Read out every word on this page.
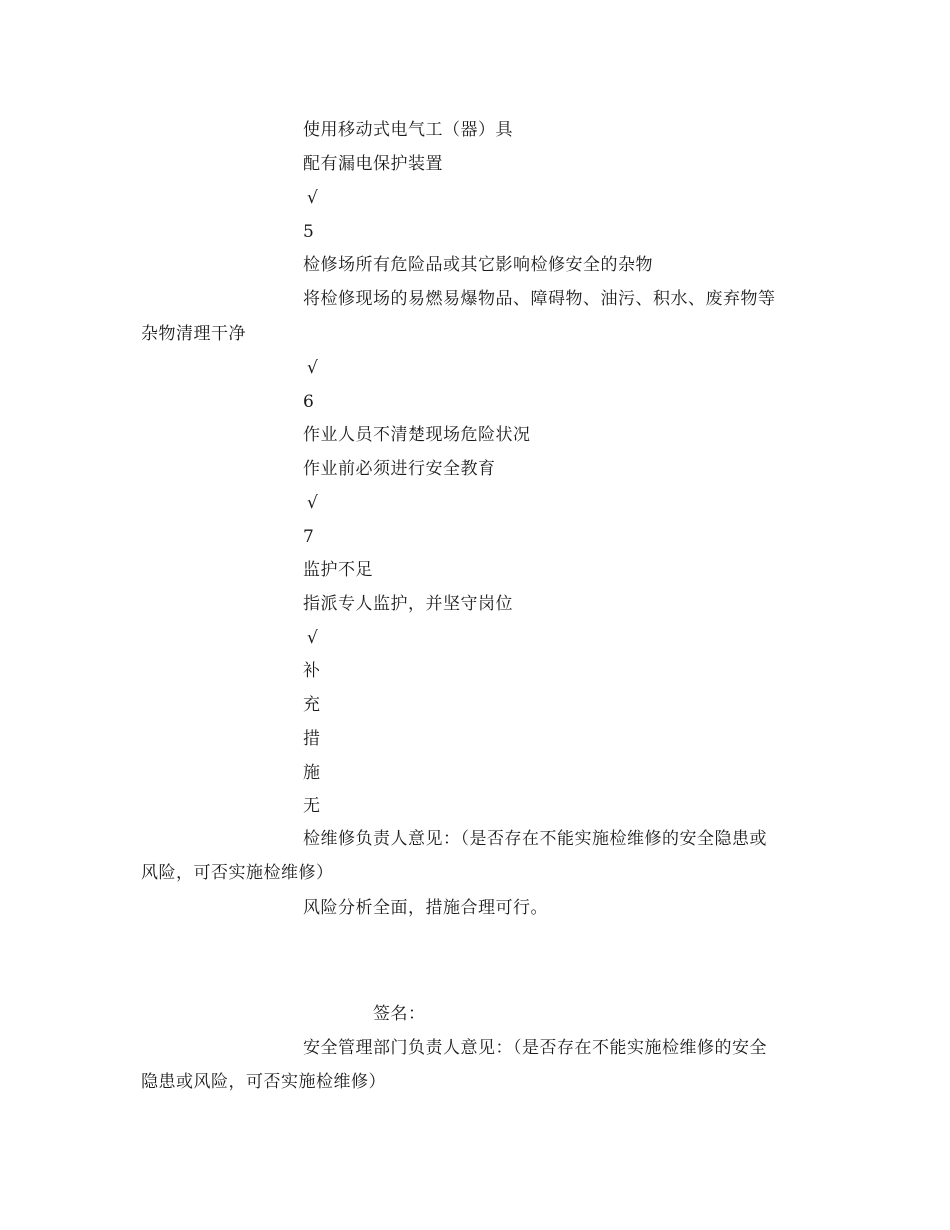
使用移动式电气工（器）具
配有漏电保护装置
√
5
检修场所有危险品或其它影响检修安全的杂物
将检修现场的易燃易爆物品、障碍物、油污、积水、废弃物等
杂物清理干净
√
6
作业人员不清楚现场危险状况
作业前必须进行安全教育
√
7
监护不足
指派专人监护，并坚守岗位
√
补
充
措
施
无
检维修负责人意见：（是否存在不能实施检维修的安全隐患或
风险，可否实施检维修）
风险分析全面，措施合理可行。
签名：
安全管理部门负责人意见：（是否存在不能实施检维修的安全
隐患或风险，可否实施检维修）
